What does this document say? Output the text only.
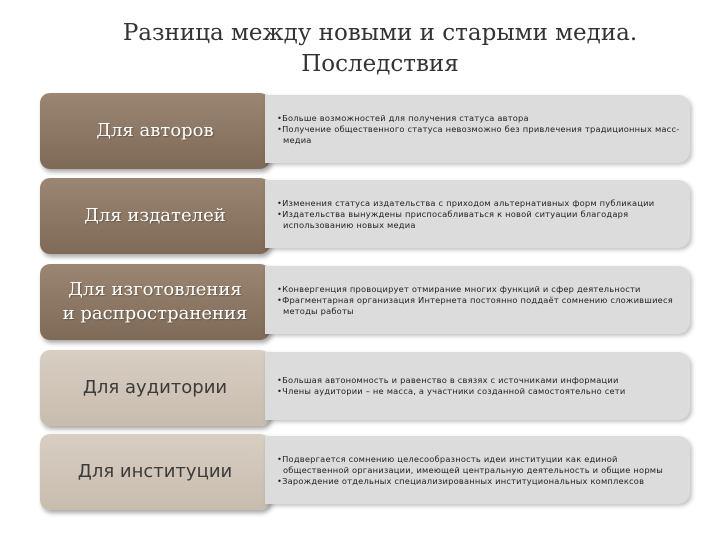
Разница между новыми и старыми медиа.
Последствия
Для авторов
• Больше возможностей для получения статуса автора
• Получение общественного статуса невозможно без привлечения традиционных масс-медиа
Для издателей
• Изменения статуса издательства с приходом альтернативных форм публикации
• Издательства вынуждены приспосабливаться к новой ситуации благодаря использованию новых медиа
Для изготовления
и распространения
• Конвергенция провоцирует отмирание многих функций и сфер деятельности
• Фрагментарная организация Интернета постоянно поддаёт сомнению сложившиеся методы работы
Для аудитории
•	Большая автономность и равенство в связях с источниками информации
• Члены аудитории – не масса, а участники созданной самостоятельно сети
Для институции
• Подвергается сомнению целесообразность идеи институции как единой общественной организации, имеющей центральную деятельность и общие нормы
• Зарождение отдельных специализированных институциональных комплексов
